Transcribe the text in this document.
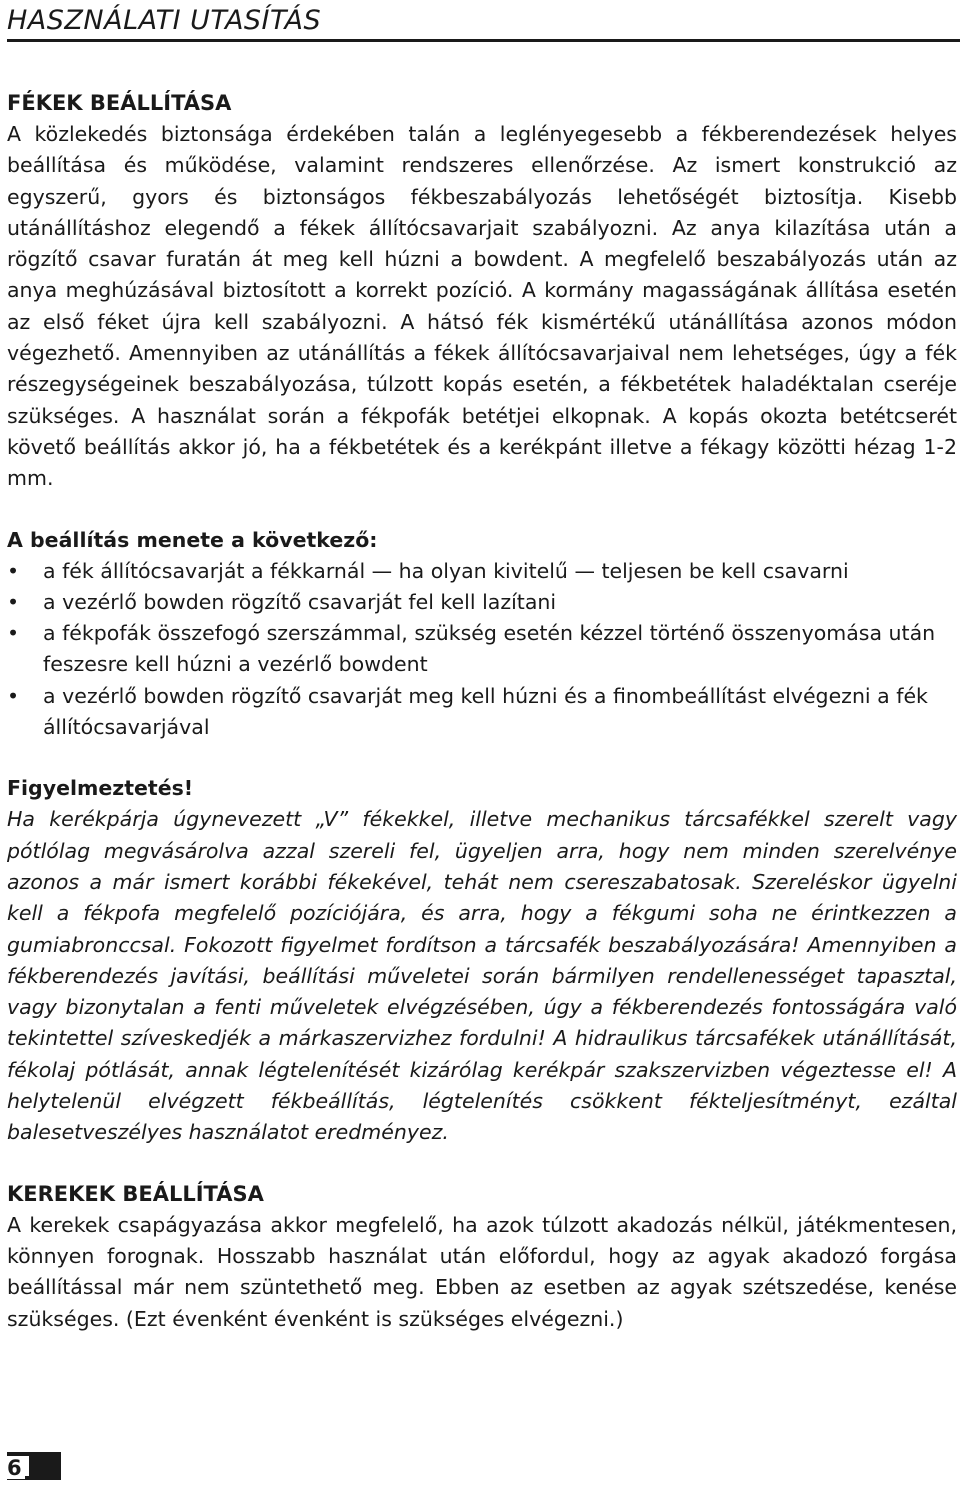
HASZNÁLATI UTASÍTÁS
FÉKEK BEÁLLÍTÁSA

A közlekedés biztonsága érdekében talán a leglényegesebb a fékberendezések helyes beállítása és működése, valamint rendszeres ellenőrzése. Az ismert konstrukció az egyszerű, gyors és biztonságos fékbeszabályozás lehetőségét biztosítja. Kisebb utánállításhoz elegendő a fékek állítócsavarjait szabályozni. Az anya kilazítása után a rögzítő csavar furatán át meg kell húzni a bowdent. A megfelelő beszabályozás után az anya meghúzásával biztosított a korrekt pozíció. A kormány magasságának állítása esetén az első féket újra kell szabályozni. A hátsó fék kismértékű utánállítása azonos módon végezhető. Amennyiben az utánállítás a fékek állítócsavarjaival nem lehetséges, úgy a fék részegységeinek beszabályozása, túlzott kopás esetén, a fékbetétek haladéktalan cseréje szükséges. A használat során a fékpofák betétjei elkopnak. A kopás okozta betétcserét követő beállítás akkor jó, ha a fékbetétek és a kerékpánt illetve a fékagy közötti hézag 1-2 mm.

A beállítás menete a következő:

• a fék állítócsavarját a fékkarnál — ha olyan kivitelű — teljesen be kell csavarni
• a vezérlő bowden rögzítő csavarját fel kell lazítani
• a fékpofák összefogó szerszámmal, szükség esetén kézzel történő összenyomása után feszesre kell húzni a vezérlő bowdent
• a vezérlő bowden rögzítő csavarját meg kell húzni és a finombeállítást elvégezni a fék állítócsavarjával

Figyelmeztetés!

Ha kerékpárja úgynevezett „V” fékekkel, illetve mechanikus tárcsafékkel szerelt vagy pótlólag megvásárolva azzal szereli fel, ügyeljen arra, hogy nem minden szerelvénye azonos a már ismert korábbi fékekével, tehát nem csereszabatosak. Szereléskor ügyelni kell a fékpofa megfelelő pozíciójára, és arra, hogy a fékgumi soha ne érintkezzen a gumiabronccsal. Fokozott figyelmet fordítson a tárcsafék beszabályozására! Amennyiben a fékberendezés javítási, beállítási műveletei során bármilyen rendellenességet tapasztal, vagy bizonytalan a fenti műveletek elvégzésében, úgy a fékberendezés fontosságára való tekintettel szíveskedjék a márkaszervizhez fordulni! A hidraulikus tárcsafékek utánállítását, fékolaj pótlását, annak légtelenítését kizárólag kerékpár szakszervizben végeztesse el! A helytelenül elvégzett fékbeállítás, légtelenítés csökkent fékteljesítményt, ezáltal balesetveszélyes használatot eredményez.

KEREKEK BEÁLLÍTÁSA

A kerekek csapágyazása akkor megfelelő, ha azok túlzott akadozás nélkül, játékmentesen, könnyen forognak. Hosszabb használat után előfordul, hogy az agyak akadozó forgása beállítással már nem szüntethető meg. Ebben az esetben az agyak szétszedése, kenése szükséges. (Ezt évenként évenként is szükséges elvégezni.)

6
